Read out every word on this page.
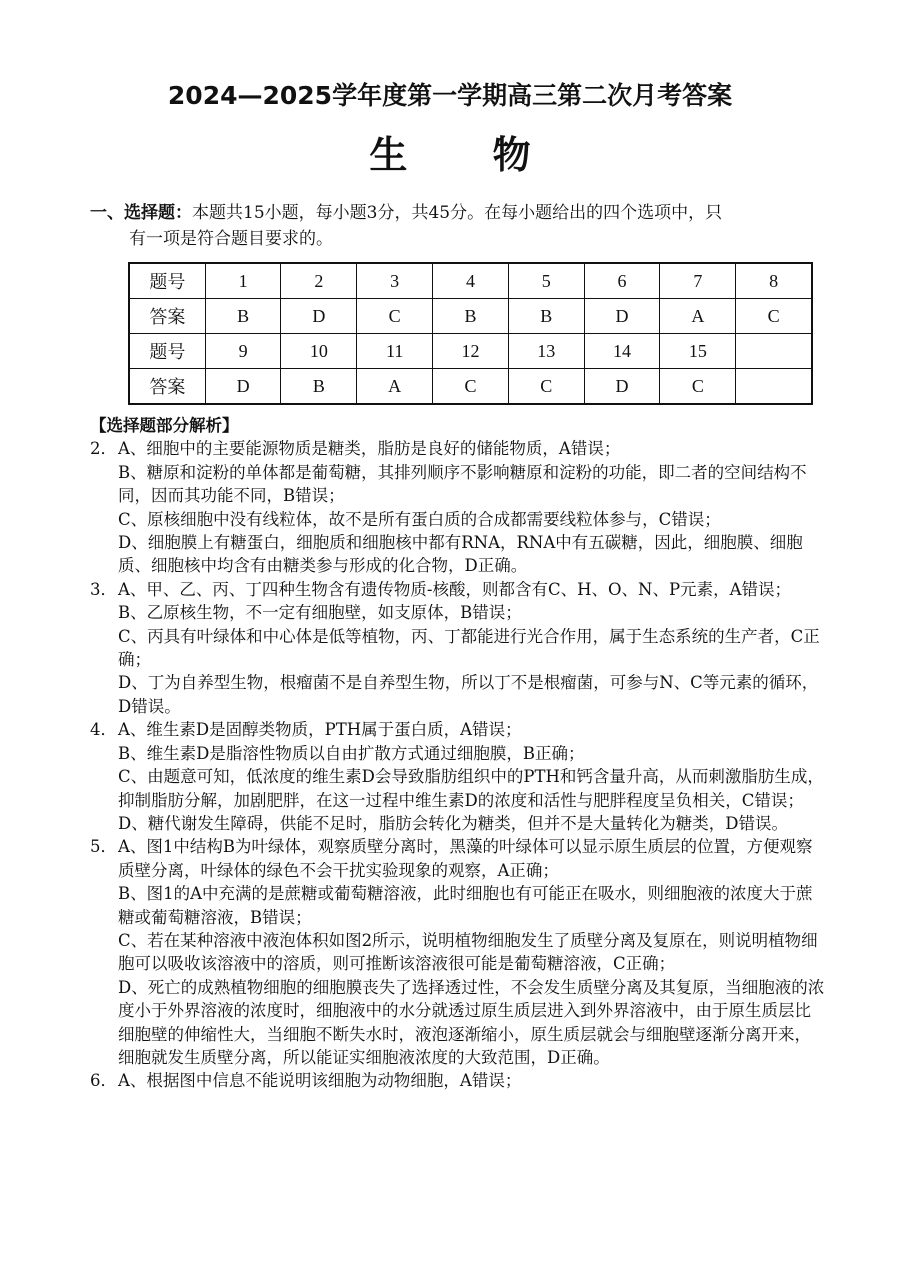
2024—2025学年度第一学期高三第二次月考答案
生 物
一、选择题：本题共15小题，每小题3分，共45分。在每小题给出的四个选项中，只
有一项是符合题目要求的。
题号	1	2	3	4	5	6	7	8
答案	B	D	C	B	B	D	A	C
题号	9	10	11	12	13	14	15	
答案	D	B	A	C	C	D	C	
【选择题部分解析】
2． A、细胞中的主要能源物质是糖类，脂肪是良好的储能物质，A错误；
B、糖原和淀粉的单体都是葡萄糖，其排列顺序不影响糖原和淀粉的功能，即二者的空间结构不同，因而其功能不同，B错误；
C、原核细胞中没有线粒体，故不是所有蛋白质的合成都需要线粒体参与，C错误；
D、细胞膜上有糖蛋白，细胞质和细胞核中都有RNA，RNA中有五碳糖，因此，细胞膜、细胞质、细胞核中均含有由糖类参与形成的化合物，D正确。
3． A、甲、乙、丙、丁四种生物含有遗传物质-核酸，则都含有C、H、O、N、P元素，A错误；
B、乙原核生物，不一定有细胞壁，如支原体，B错误；
C、丙具有叶绿体和中心体是低等植物，丙、丁都能进行光合作用，属于生态系统的生产者，C正确；
D、丁为自养型生物，根瘤菌不是自养型生物，所以丁不是根瘤菌，可参与N、C等元素的循环，D错误。
4． A、维生素D是固醇类物质，PTH属于蛋白质，A错误；
B、维生素D是脂溶性物质以自由扩散方式通过细胞膜，B正确；
C、由题意可知，低浓度的维生素D会导致脂肪组织中的PTH和钙含量升高，从而刺激脂肪生成，抑制脂肪分解，加剧肥胖，在这一过程中维生素D的浓度和活性与肥胖程度呈负相关，C错误；
D、糖代谢发生障碍，供能不足时，脂肪会转化为糖类，但并不是大量转化为糖类，D错误。
5． A、图1中结构B为叶绿体，观察质壁分离时，黑藻的叶绿体可以显示原生质层的位置，方便观察质壁分离，叶绿体的绿色不会干扰实验现象的观察，A正确；
B、图1的A中充满的是蔗糖或葡萄糖溶液，此时细胞也有可能正在吸水，则细胞液的浓度大于蔗糖或葡萄糖溶液，B错误；
C、若在某种溶液中液泡体积如图2所示，说明植物细胞发生了质壁分离及复原在，则说明植物细胞可以吸收该溶液中的溶质，则可推断该溶液很可能是葡萄糖溶液，C正确；
D、死亡的成熟植物细胞的细胞膜丧失了选择透过性，不会发生质壁分离及其复原，当细胞液的浓度小于外界溶液的浓度时，细胞液中的水分就透过原生质层进入到外界溶液中，由于原生质层比细胞壁的伸缩性大，当细胞不断失水时，液泡逐渐缩小，原生质层就会与细胞壁逐渐分离开来，细胞就发生质壁分离，所以能证实细胞液浓度的大致范围，D正确。
6． A、根据图中信息不能说明该细胞为动物细胞，A错误；
